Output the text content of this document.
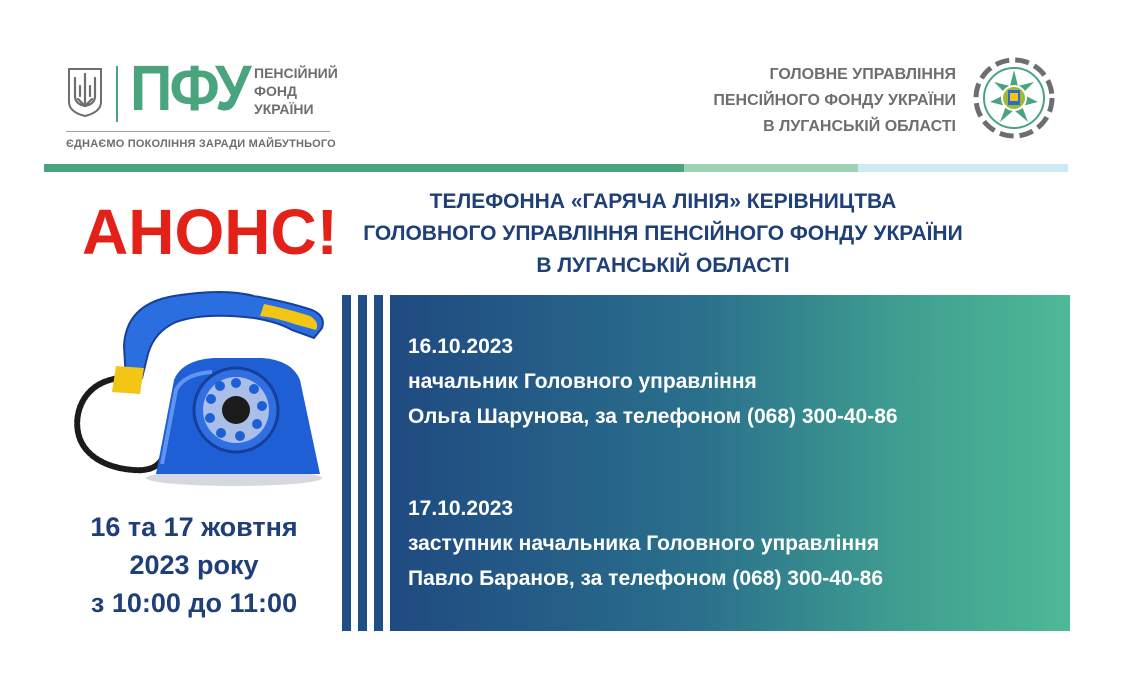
ПФУ ПЕНСІЙНИЙ
ФОНД
УКРАЇНИ
ЄДНАЄМО ПОКОЛІННЯ ЗАРАДИ МАЙБУТНЬОГО
ГОЛОВНЕ УПРАВЛІННЯ
ПЕНСІЙНОГО ФОНДУ УКРАЇНИ
В ЛУГАНСЬКІЙ ОБЛАСТІ
АНОНС!
16 та 17 жовтня
2023 року
з 10:00 до 11:00
ТЕЛЕФОННА «ГАРЯЧА ЛІНІЯ» КЕРІВНИЦТВА
ГОЛОВНОГО УПРАВЛІННЯ ПЕНСІЙНОГО ФОНДУ УКРАЇНИ
В ЛУГАНСЬКІЙ ОБЛАСТІ
16.10.2023
начальник Головного управління
Ольга Шарунова, за телефоном (068) 300-40-86
17.10.2023
заступник начальника Головного управління
Павло Баранов, за телефоном (068) 300-40-86
